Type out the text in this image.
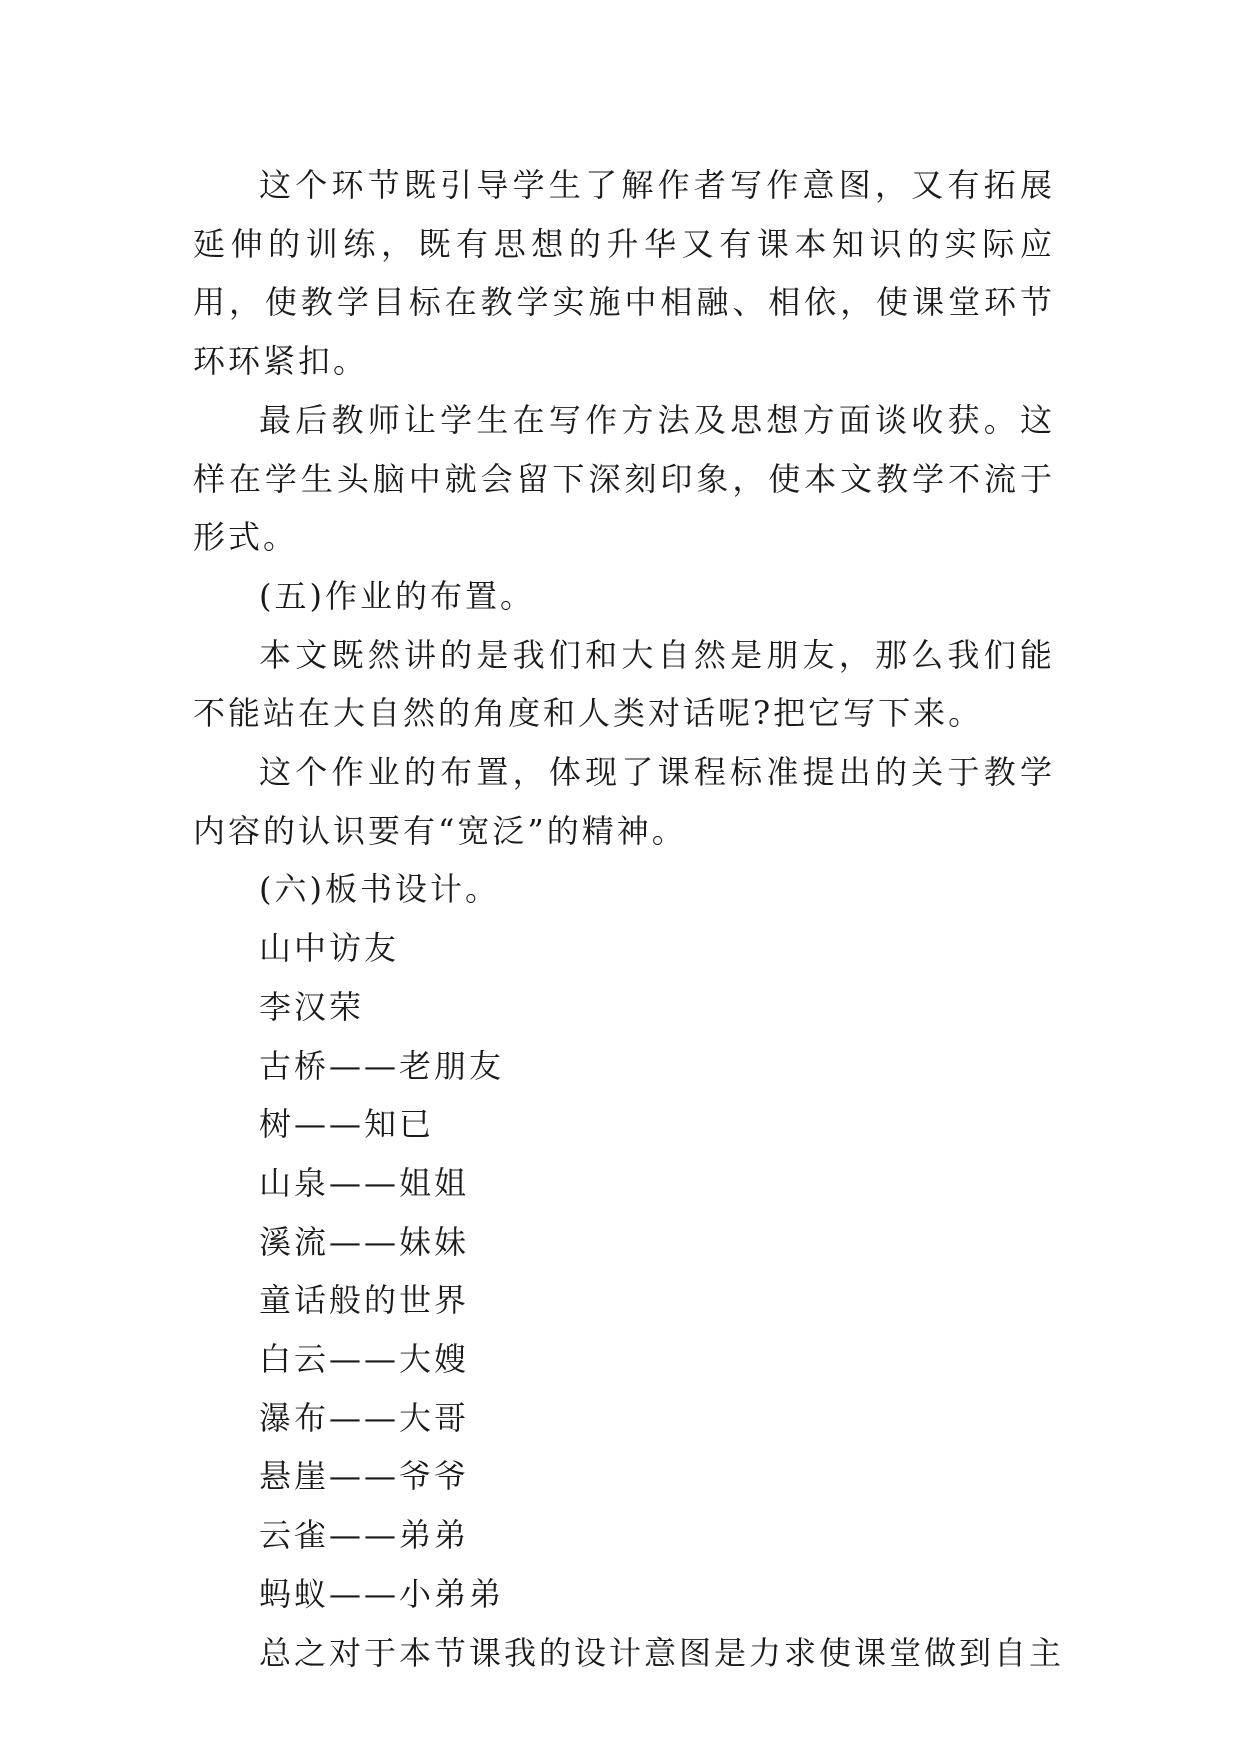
这个环节既引导学生了解作者写作意图，又有拓展延伸的训练，既有思想的升华又有课本知识的实际应用，使教学目标在教学实施中相融、相依，使课堂环节环环紧扣。

最后教师让学生在写作方法及思想方面谈收获。这样在学生头脑中就会留下深刻印象，使本文教学不流于形式。

(五)作业的布置。

本文既然讲的是我们和大自然是朋友，那么我们能不能站在大自然的角度和人类对话呢?把它写下来。

这个作业的布置，体现了课程标准提出的关于教学内容的认识要有“宽泛”的精神。

(六)板书设计。

山中访友

李汉荣

古桥——老朋友

树——知已

山泉——姐姐

溪流——妹妹

童话般的世界

白云——大嫂

瀑布——大哥

悬崖——爷爷

云雀——弟弟

蚂蚁——小弟弟

总之对于本节课我的设计意图是力求使课堂做到自主
